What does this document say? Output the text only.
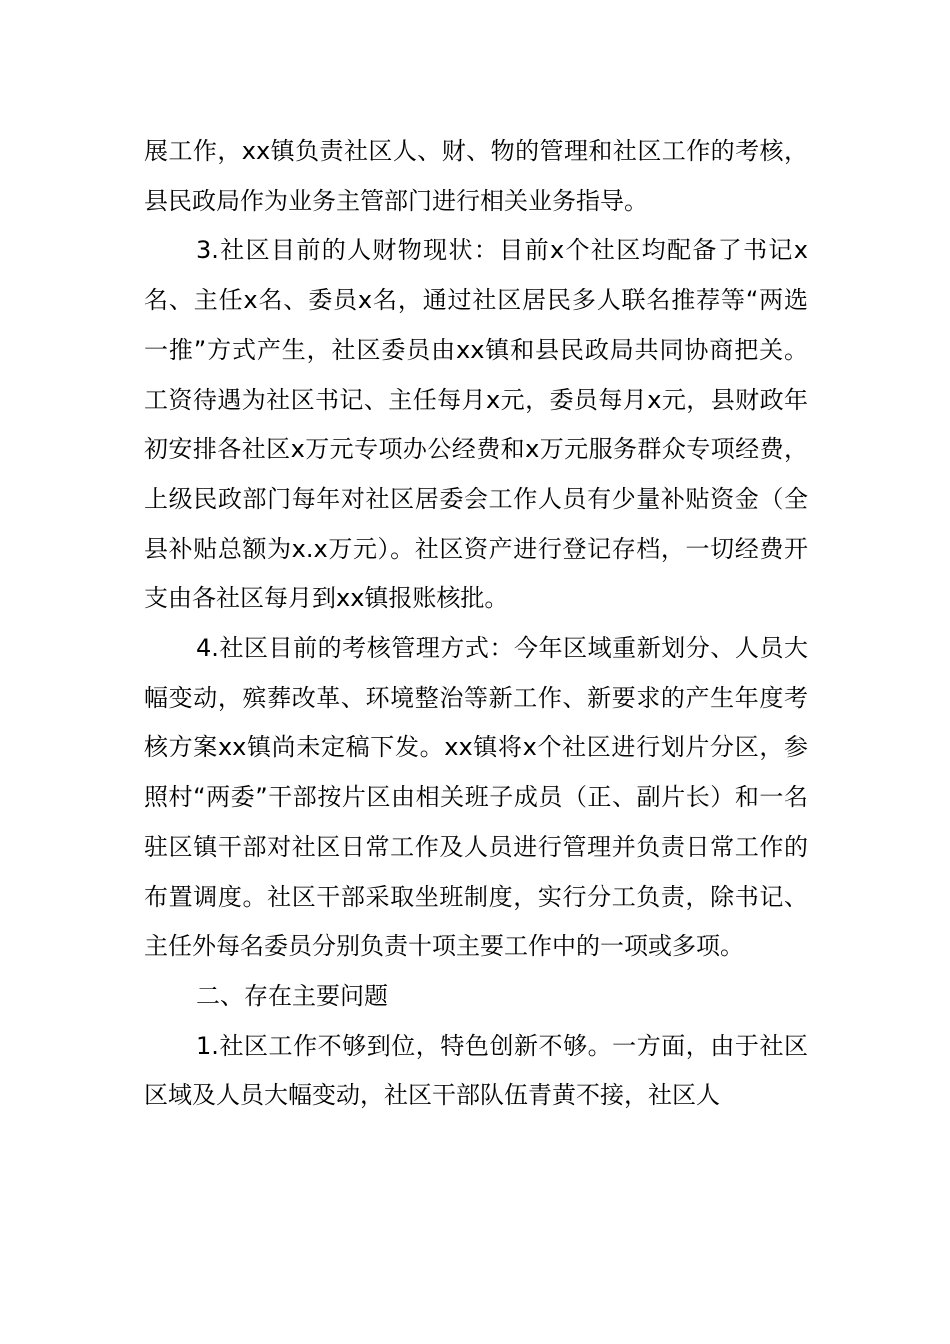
展工作，xx镇负责社区人、财、物的管理和社区工作的考核，县民政局作为业务主管部门进行相关业务指导。

3.社区目前的人财物现状：目前x个社区均配备了书记x名、主任x名、委员x名，通过社区居民多人联名推荐等“两选一推”方式产生，社区委员由xx镇和县民政局共同协商把关。工资待遇为社区书记、主任每月x元，委员每月x元，县财政年初安排各社区x万元专项办公经费和x万元服务群众专项经费，上级民政部门每年对社区居委会工作人员有少量补贴资金（全县补贴总额为x.x万元）。社区资产进行登记存档，一切经费开支由各社区每月到xx镇报账核批。

4.社区目前的考核管理方式：今年区域重新划分、人员大幅变动，殡葬改革、环境整治等新工作、新要求的产生年度考核方案xx镇尚未定稿下发。xx镇将x个社区进行划片分区，参照村“两委”干部按片区由相关班子成员（正、副片长）和一名驻区镇干部对社区日常工作及人员进行管理并负责日常工作的布置调度。社区干部采取坐班制度，实行分工负责，除书记、主任外每名委员分别负责十项主要工作中的一项或多项。

二、存在主要问题

1.社区工作不够到位，特色创新不够。一方面，由于社区区域及人员大幅变动，社区干部队伍青黄不接，社区人
